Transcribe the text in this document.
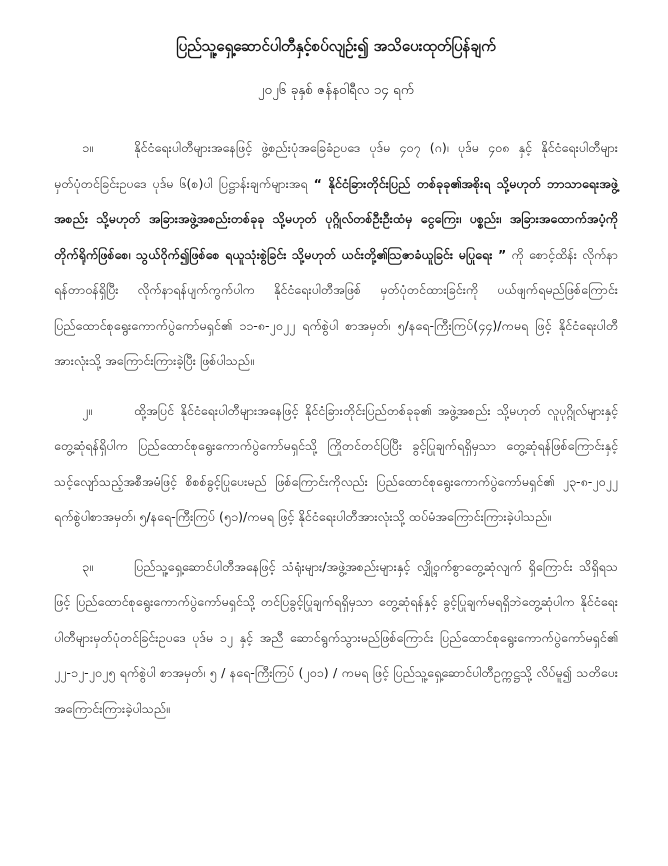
ပြည်သူ့ရှေ့ဆောင်ပါတီနှင့်စပ်လျဉ်း၍ အသိပေးထုတ်ပြန်ချက်
၂၀၂၆ ခုနှစ် ဇန်နဝါရီလ ၁၄ ရက်

၁။	နိုင်ငံရေးပါတီများအနေဖြင့် ဖွဲ့စည်းပုံအခြေခံဥပဒေ ပုဒ်မ ၄၀၇ (ဂ)၊ ပုဒ်မ ၄၀၈ နှင့် နိုင်ငံရေးပါတီများမှတ်ပုံတင်ခြင်းဥပဒေ ပုဒ်မ ၆(စ)ပါ ပြဋ္ဌာန်းချက်များအရ “ နိုင်ငံခြားတိုင်းပြည် တစ်ခုခု၏အစိုးရ သို့မဟုတ် ဘာသာရေးအဖွဲ့အစည်း သို့မဟုတ် အခြားအဖွဲ့အစည်းတစ်ခုခု သို့မဟုတ် ပုဂ္ဂိုလ်တစ်ဦးဦးထံမှ ငွေကြေး၊ ပစ္စည်း၊ အခြားအထောက်အပံ့ကို တိုက်ရိုက်ဖြစ်စေ၊ သွယ်ဝိုက်၍ဖြစ်စေ ရယူသုံးစွဲခြင်း သို့မဟုတ် ယင်းတို့၏ဩဇာခံယူခြင်း မပြုရေး ” ကို စောင့်ထိန်း လိုက်နာရန်တာဝန်ရှိပြီး လိုက်နာရန်ပျက်ကွက်ပါက နိုင်ငံရေးပါတီအဖြစ် မှတ်ပုံတင်ထားခြင်းကို ပယ်ဖျက်ရမည်ဖြစ်ကြောင်း ပြည်ထောင်စုရွေးကောက်ပွဲကော်မရှင်၏ ၁၁-၈-၂၀၂၂ ရက်စွဲပါ စာအမှတ်၊ ၅/နရေ-ကြီးကြပ်(၄၄)/ကမရ ဖြင့် နိုင်ငံရေးပါတီအားလုံးသို့ အကြောင်းကြားခဲ့ပြီး ဖြစ်ပါသည်။

၂။	ထို့အပြင် နိုင်ငံရေးပါတီများအနေဖြင့် နိုင်ငံခြားတိုင်းပြည်တစ်ခုခု၏ အဖွဲ့အစည်း သို့မဟုတ် လူပုဂ္ဂိုလ်များနှင့် တွေ့ဆုံရန်ရှိပါက ပြည်ထောင်စုရွေးကောက်ပွဲကော်မရှင်သို့ ကြိုတင်တင်ပြပြီး ခွင့်ပြုချက်ရရှိမှသာ တွေ့ဆုံရန်ဖြစ်ကြောင်းနှင့် သင့်လျော်သည့်အစီအမံဖြင့် စိစစ်ခွင့်ပြုပေးမည် ဖြစ်ကြောင်းကိုလည်း ပြည်ထောင်စုရွေးကောက်ပွဲကော်မရှင်၏ ၂၃-၈-၂၀၂၂ ရက်စွဲပါစာအမှတ်၊ ၅/နရေ-ကြီးကြပ် (၅၁)/ကမရ ဖြင့် နိုင်ငံရေးပါတီအားလုံးသို့ ထပ်မံအကြောင်းကြားခဲ့ပါသည်။

၃။	ပြည်သူ့ရှေ့ဆောင်ပါတီအနေဖြင့် သံရုံးများ/အဖွဲ့အစည်းများနှင့် လျှို့ဝှက်စွာတွေ့ဆုံလျက် ရှိကြောင်း သိရှိရသဖြင့် ပြည်ထောင်စုရွေးကောက်ပွဲကော်မရှင်သို့ တင်ပြခွင့်ပြုချက်ရရှိမှသာ တွေ့ဆုံရန်နှင့် ခွင့်ပြုချက်မရရှိဘဲတွေ့ဆုံပါက နိုင်ငံရေးပါတီများမှတ်ပုံတင်ခြင်းဥပဒေ ပုဒ်မ ၁၂ နှင့် အညီ ဆောင်ရွက်သွားမည်ဖြစ်ကြောင်း ပြည်ထောင်စုရွေးကောက်ပွဲကော်မရှင်၏ ၂၂-၁၂-၂၀၂၅ ရက်စွဲပါ စာအမှတ်၊ ၅ / နရေ-ကြီးကြပ် (၂၀၁) / ကမရ ဖြင့် ပြည်သူ့ရှေ့ဆောင်ပါတီဥက္ကဋ္ဌသို့ လိပ်မူ၍ သတိပေး အကြောင်းကြားခဲ့ပါသည်။
